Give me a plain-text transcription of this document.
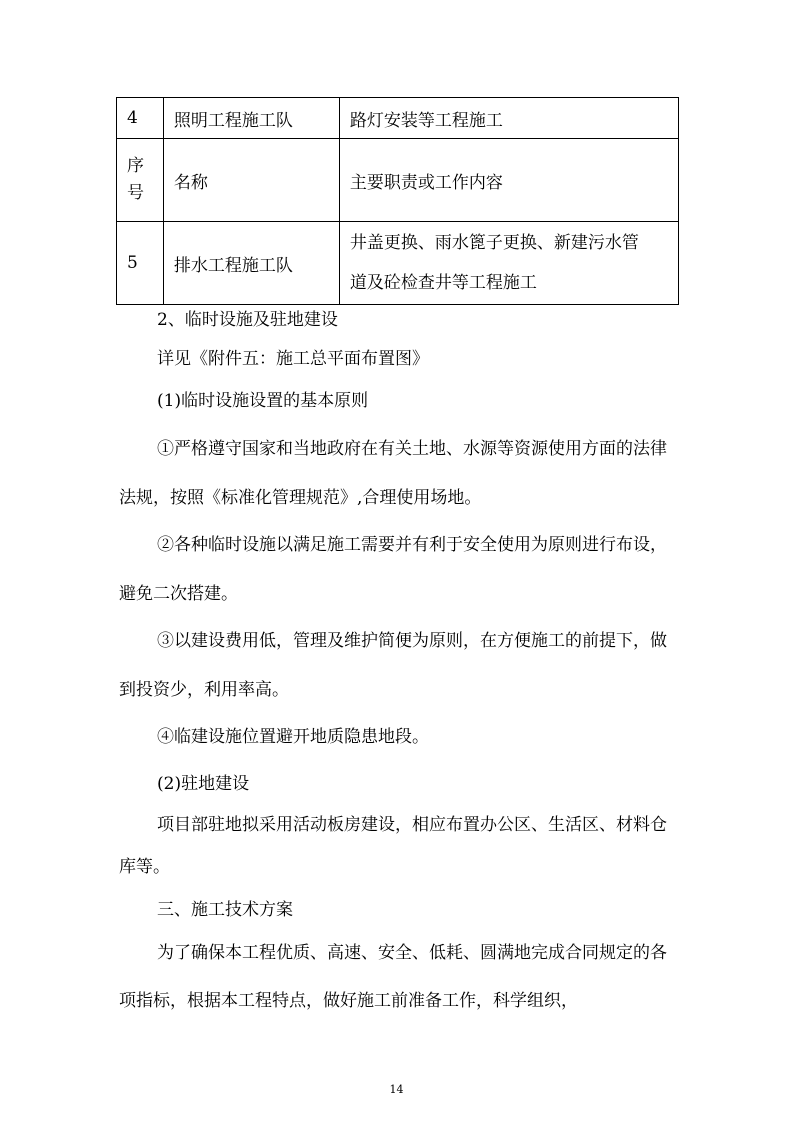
4	照明工程施工队	路灯安装等工程施工

序
号	名称	主要职责或工作内容
5	排水工程施工队	井盖更换、雨水篦子更换、新建污水管
道及砼检查井等工程施工

2、临时设施及驻地建设

详见《附件五：施工总平面布置图》

(1)临时设施设置的基本原则

①严格遵守国家和当地政府在有关土地、水源等资源使用方面的法律法规，按照《标准化管理规范》,合理使用场地。

②各种临时设施以满足施工需要并有利于安全使用为原则进行布设，避免二次搭建。

③以建设费用低，管理及维护简便为原则，在方便施工的前提下，做到投资少，利用率高。

④临建设施位置避开地质隐患地段。

(2)驻地建设

项目部驻地拟采用活动板房建设，相应布置办公区、生活区、材料仓库等。

三、施工技术方案

为了确保本工程优质、高速、安全、低耗、圆满地完成合同规定的各项指标，根据本工程特点，做好施工前准备工作，科学组织，

14
